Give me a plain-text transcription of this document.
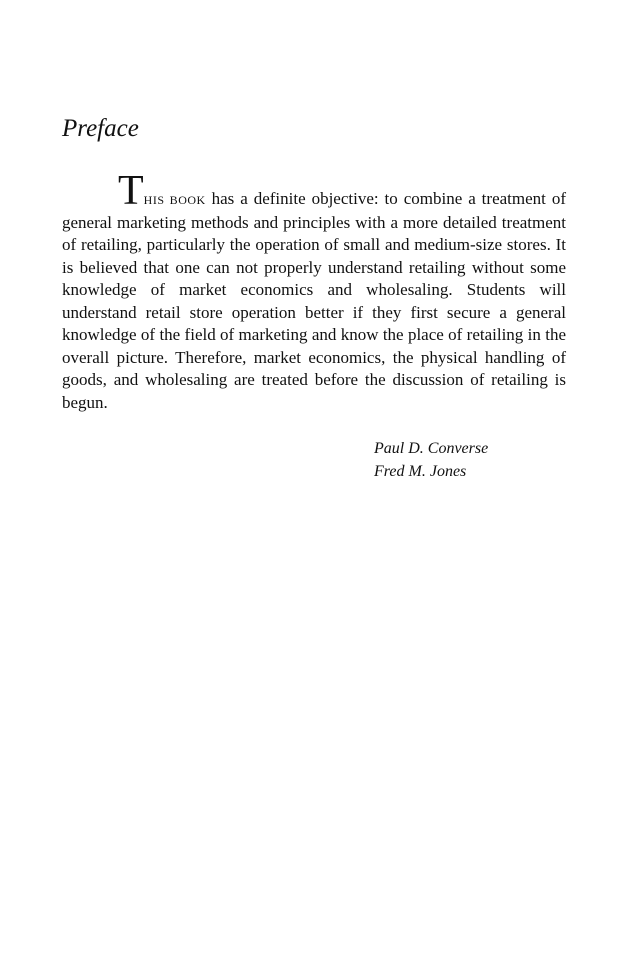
Preface

THIS BOOK has a definite objective: to combine a treatment of general marketing methods and principles with a more detailed treatment of retailing, particularly the operation of small and medium-size stores. It is believed that one can not properly understand retailing without some knowledge of market economics and wholesaling. Students will understand retail store operation better if they first secure a general knowledge of the field of marketing and know the place of retailing in the overall picture. Therefore, market economics, the physical handling of goods, and wholesaling are treated before the discussion of retailing is begun.

Paul D. Converse
Fred M. Jones
